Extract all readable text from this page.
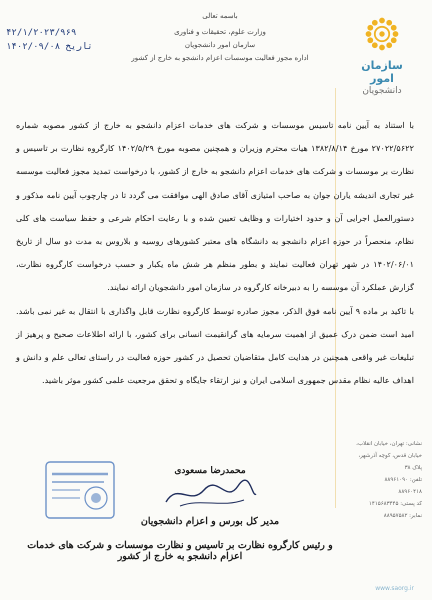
۴۲/۱/۲۰۲۳/۹۶۹
تاریخ ۱۴۰۲/۰۹/۰۸
باسمه تعالی
وزارت علوم، تحقیقات و فناوری
سازمان امور دانشجویان
اداره مجوز فعالیت موسسات اعزام دانشجو به خارج از کشور
سازمان امور
دانشجویان

با استناد به آیین نامه تاسیس موسسات و شرکت های خدمات اعزام دانشجو به خارج از کشور مصوبه شماره ۲۷۰۲۲/۵۶۲۲ مورخ ۱۳۸۲/۸/۱۴ هیات محترم وزیران و همچنین مصوبه مورخ ۱۴۰۲/۵/۲۹ کارگروه نظارت بر تاسیس و نظارت بر موسسات و شرکت های خدمات اعزام دانشجو به خارج از کشور، با درخواست تمدید مجوز فعالیت موسسه غیر تجاری اندیشه یاران جوان به صاحب امتیازی آقای صادق الهی موافقت می گردد تا در چارچوب آیین نامه مذکور و دستورالعمل اجرایی آن و حدود اختیارات و وظایف تعیین شده و با رعایت احکام شرعی و حفظ سیاست های کلی نظام، منحصراً در حوزه اعزام دانشجو به دانشگاه های معتبر کشورهای روسیه و بلاروس به مدت دو سال از تاریخ ۱۴۰۲/۰۶/۰۱ در شهر تهران فعالیت نمایند و بطور منظم هر شش ماه یکبار و حسب درخواست کارگروه نظارت، گزارش عملکرد آن موسسه را به دبیرخانه کارگروه در سازمان امور دانشجویان ارائه نمایند.

با تاکید بر ماده ۹ آیین نامه فوق الذکر، مجوز صادره توسط کارگروه نظارت قابل واگذاری با انتقال به غیر نمی باشد. امید است ضمن درک عمیق از اهمیت سرمایه های گرانقیمت انسانی برای کشور، با ارائه اطلاعات صحیح و پرهیز از تبلیغات غیر واقعی همچنین در هدایت کامل متقاضیان تحصیل در کشور حوزه فعالیت در راستای تعالی علم و دانش و اهداف عالیه نظام مقدس جمهوری اسلامی ایران و نیز ارتقاء جایگاه و تحقق مرجعیت علمی کشور موثر باشید.

نشانی: تهران، خیابان انقلاب،
خیابان قدس، کوچه آذرشهر،
پلاک ۳۸
تلفن: ۸۸۹۶۱۰۹۰
۸۸۹۶۰۴۱۸
کد پستی: ۱۴۱۵۶۸۳۴۴۵
نمابر: ۸۸۹۵۷۵۸۲
محمدرضا مسعودی
مدیر کل بورس و اعزام دانشجویان
و رئیس کارگروه نظارت بر تاسیس و نظارت موسسات و شرکت های خدمات اعزام دانشجو به خارج از کشور
www.saorg.ir
